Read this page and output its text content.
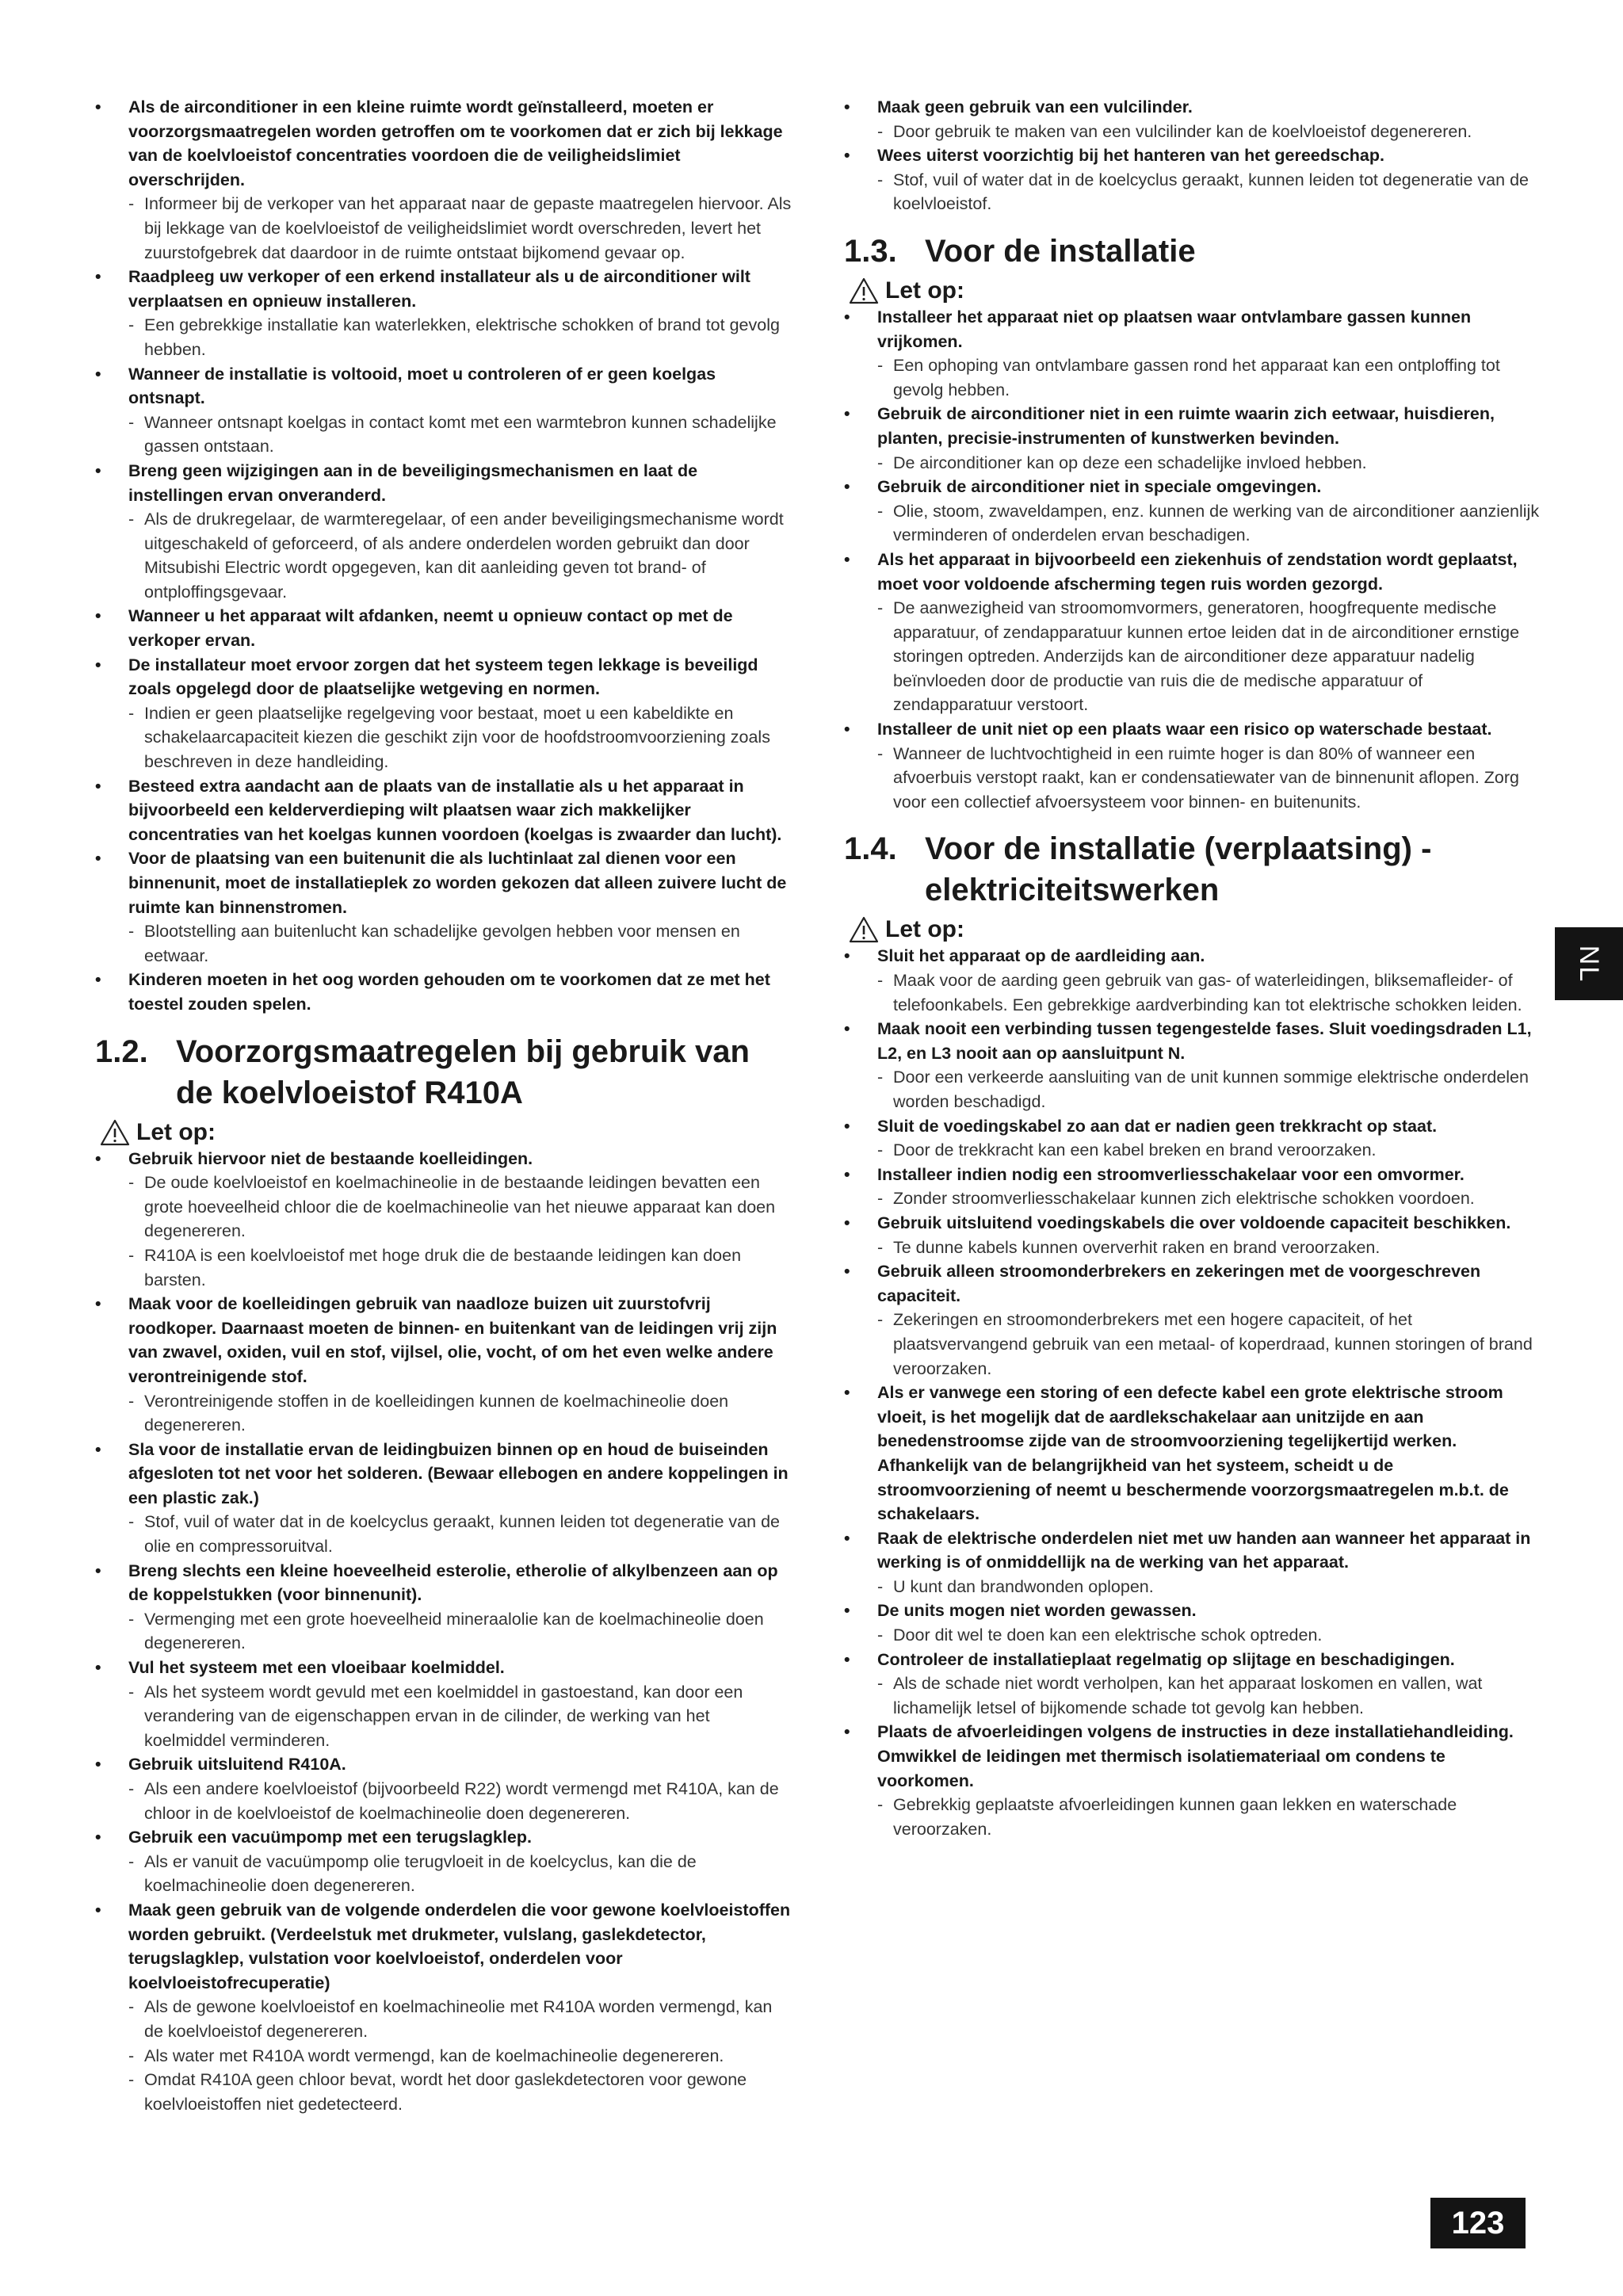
• Als de airconditioner in een kleine ruimte wordt geïnstalleerd, moeten er voorzorgsmaatregelen worden getroffen om te voorkomen dat er zich bij lekkage van de koelvloeistof concentraties voordoen die de veiligheidslimiet overschrijden.
- Informeer bij de verkoper van het apparaat naar de gepaste maatregelen hiervoor. Als bij lekkage van de koelvloeistof de veiligheidslimiet wordt overschreden, levert het zuurstofgebrek dat daardoor in de ruimte ontstaat bijkomend gevaar op.
• Raadpleeg uw verkoper of een erkend installateur als u de airconditioner wilt verplaatsen en opnieuw installeren.
- Een gebrekkige installatie kan waterlekken, elektrische schokken of brand tot gevolg hebben.
• Wanneer de installatie is voltooid, moet u controleren of er geen koelgas ontsnapt.
- Wanneer ontsnapt koelgas in contact komt met een warmtebron kunnen schadelijke gassen ontstaan.
• Breng geen wijzigingen aan in de beveiligingsmechanismen en laat de instellingen ervan onveranderd.
- Als de drukregelaar, de warmteregelaar, of een ander beveiligingsmechanisme wordt uitgeschakeld of geforceerd, of als andere onderdelen worden gebruikt dan door Mitsubishi Electric wordt opgegeven, kan dit aanleiding geven tot brand- of ontploffingsgevaar.
• Wanneer u het apparaat wilt afdanken, neemt u opnieuw contact op met de verkoper ervan.
• De installateur moet ervoor zorgen dat het systeem tegen lekkage is beveiligd zoals opgelegd door de plaatselijke wetgeving en normen.
- Indien er geen plaatselijke regelgeving voor bestaat, moet u een kabeldikte en schakelaarcapaciteit kiezen die geschikt zijn voor de hoofdstroomvoorziening zoals beschreven in deze handleiding.
• Besteed extra aandacht aan de plaats van de installatie als u het apparaat in bijvoorbeeld een kelderverdieping wilt plaatsen waar zich makkelijker concentraties van het koelgas kunnen voordoen (koelgas is zwaarder dan lucht).
• Voor de plaatsing van een buitenunit die als luchtinlaat zal dienen voor een binnenunit, moet de installatieplek zo worden gekozen dat alleen zuivere lucht de ruimte kan binnenstromen.
- Blootstelling aan buitenlucht kan schadelijke gevolgen hebben voor mensen en eetwaar.
• Kinderen moeten in het oog worden gehouden om te voorkomen dat ze met het toestel zouden spelen.
1.2. Voorzorgsmaatregelen bij gebruik van de koelvloeistof R410A
Let op:
• Gebruik hiervoor niet de bestaande koelleidingen.
- De oude koelvloeistof en koelmachineolie in de bestaande leidingen bevatten een grote hoeveelheid chloor die de koelmachineolie van het nieuwe apparaat kan doen degenereren.
- R410A is een koelvloeistof met hoge druk die de bestaande leidingen kan doen barsten.
• Maak voor de koelleidingen gebruik van naadloze buizen uit zuurstofvrij roodkoper. Daarnaast moeten de binnen- en buitenkant van de leidingen vrij zijn van zwavel, oxiden, vuil en stof, vijlsel, olie, vocht, of om het even welke andere verontreinigende stof.
- Verontreinigende stoffen in de koelleidingen kunnen de koelmachineolie doen degenereren.
• Sla voor de installatie ervan de leidingbuizen binnen op en houd de buiseinden afgesloten tot net voor het solderen. (Bewaar ellebogen en andere koppelingen in een plastic zak.)
- Stof, vuil of water dat in de koelcyclus geraakt, kunnen leiden tot degeneratie van de olie en compressoruitval.
• Breng slechts een kleine hoeveelheid esterolie, etherolie of alkylbenzeen aan op de koppelstukken (voor binnenunit).
- Vermenging met een grote hoeveelheid mineraalolie kan de koelmachineolie doen degenereren.
• Vul het systeem met een vloeibaar koelmiddel.
- Als het systeem wordt gevuld met een koelmiddel in gastoestand, kan door een verandering van de eigenschappen ervan in de cilinder, de werking van het koelmiddel verminderen.
• Gebruik uitsluitend R410A.
- Als een andere koelvloeistof (bijvoorbeeld R22) wordt vermengd met R410A, kan de chloor in de koelvloeistof de koelmachineolie doen degenereren.
• Gebruik een vacuümpomp met een terugslagklep.
- Als er vanuit de vacuümpomp olie terugvloeit in de koelcyclus, kan die de koelmachineolie doen degenereren.
• Maak geen gebruik van de volgende onderdelen die voor gewone koelvloeistoffen worden gebruikt. (Verdeelstuk met drukmeter, vulslang, gaslekdetector, terugslagklep, vulstation voor koelvloeistof, onderdelen voor koelvloeistofrecuperatie)
- Als de gewone koelvloeistof en koelmachineolie met R410A worden vermengd, kan de koelvloeistof degenereren.
- Als water met R410A wordt vermengd, kan de koelmachineolie degenereren.
- Omdat R410A geen chloor bevat, wordt het door gaslekdetectoren voor gewone koelvloeistoffen niet gedetecteerd.
• Maak geen gebruik van een vulcilinder.
- Door gebruik te maken van een vulcilinder kan de koelvloeistof degenereren.
• Wees uiterst voorzichtig bij het hanteren van het gereedschap.
- Stof, vuil of water dat in de koelcyclus geraakt, kunnen leiden tot degeneratie van de koelvloeistof.
1.3. Voor de installatie
Let op:
• Installeer het apparaat niet op plaatsen waar ontvlambare gassen kunnen vrijkomen.
- Een ophoping van ontvlambare gassen rond het apparaat kan een ontploffing tot gevolg hebben.
• Gebruik de airconditioner niet in een ruimte waarin zich eetwaar, huisdieren, planten, precisie-instrumenten of kunstwerken bevinden.
- De airconditioner kan op deze een schadelijke invloed hebben.
• Gebruik de airconditioner niet in speciale omgevingen.
- Olie, stoom, zwaveldampen, enz. kunnen de werking van de airconditioner aanzienlijk verminderen of onderdelen ervan beschadigen.
• Als het apparaat in bijvoorbeeld een ziekenhuis of zendstation wordt geplaatst, moet voor voldoende afscherming tegen ruis worden gezorgd.
- De aanwezigheid van stroomomvormers, generatoren, hoogfrequente medische apparatuur, of zendapparatuur kunnen ertoe leiden dat in de airconditioner ernstige storingen optreden. Anderzijds kan de airconditioner deze apparatuur nadelig beïnvloeden door de productie van ruis die de medische apparatuur of zendapparatuur verstoort.
• Installeer de unit niet op een plaats waar een risico op waterschade bestaat.
- Wanneer de luchtvochtigheid in een ruimte hoger is dan 80% of wanneer een afvoerbuis verstopt raakt, kan er condensatiewater van de binnenunit aflopen. Zorg voor een collectief afvoersysteem voor binnen- en buitenunits.
1.4. Voor de installatie (verplaatsing) - elektriciteitswerken
Let op:
• Sluit het apparaat op de aardleiding aan.
- Maak voor de aarding geen gebruik van gas- of waterleidingen, bliksemafleider- of telefoonkabels. Een gebrekkige aardverbinding kan tot elektrische schokken leiden.
• Maak nooit een verbinding tussen tegengestelde fases. Sluit voedingsdraden L1, L2, en L3 nooit aan op aansluitpunt N.
- Door een verkeerde aansluiting van de unit kunnen sommige elektrische onderdelen worden beschadigd.
• Sluit de voedingskabel zo aan dat er nadien geen trekkracht op staat.
- Door de trekkracht kan een kabel breken en brand veroorzaken.
• Installeer indien nodig een stroomverliesschakelaar voor een omvormer.
- Zonder stroomverliesschakelaar kunnen zich elektrische schokken voordoen.
• Gebruik uitsluitend voedingskabels die over voldoende capaciteit beschikken.
- Te dunne kabels kunnen oververhit raken en brand veroorzaken.
• Gebruik alleen stroomonderbrekers en zekeringen met de voorgeschreven capaciteit.
- Zekeringen en stroomonderbrekers met een hogere capaciteit, of het plaatsvervangend gebruik van een metaal- of koperdraad, kunnen storingen of brand veroorzaken.
• Als er vanwege een storing of een defecte kabel een grote elektrische stroom vloeit, is het mogelijk dat de aardlekschakelaar aan unitzijde en aan benedenstroomse zijde van de stroomvoorziening tegelijkertijd werken. Afhankelijk van de belangrijkheid van het systeem, scheidt u de stroomvoorziening of neemt u beschermende voorzorgsmaatregelen m.b.t. de schakelaars.
• Raak de elektrische onderdelen niet met uw handen aan wanneer het apparaat in werking is of onmiddellijk na de werking van het apparaat.
- U kunt dan brandwonden oplopen.
• De units mogen niet worden gewassen.
- Door dit wel te doen kan een elektrische schok optreden.
• Controleer de installatieplaat regelmatig op slijtage en beschadigingen.
- Als de schade niet wordt verholpen, kan het apparaat loskomen en vallen, wat lichamelijk letsel of bijkomende schade tot gevolg kan hebben.
• Plaats de afvoerleidingen volgens de instructies in deze installatiehandleiding. Omwikkel de leidingen met thermisch isolatiemateriaal om condens te voorkomen.
- Gebrekkig geplaatste afvoerleidingen kunnen gaan lekken en waterschade veroorzaken.
NL
123
